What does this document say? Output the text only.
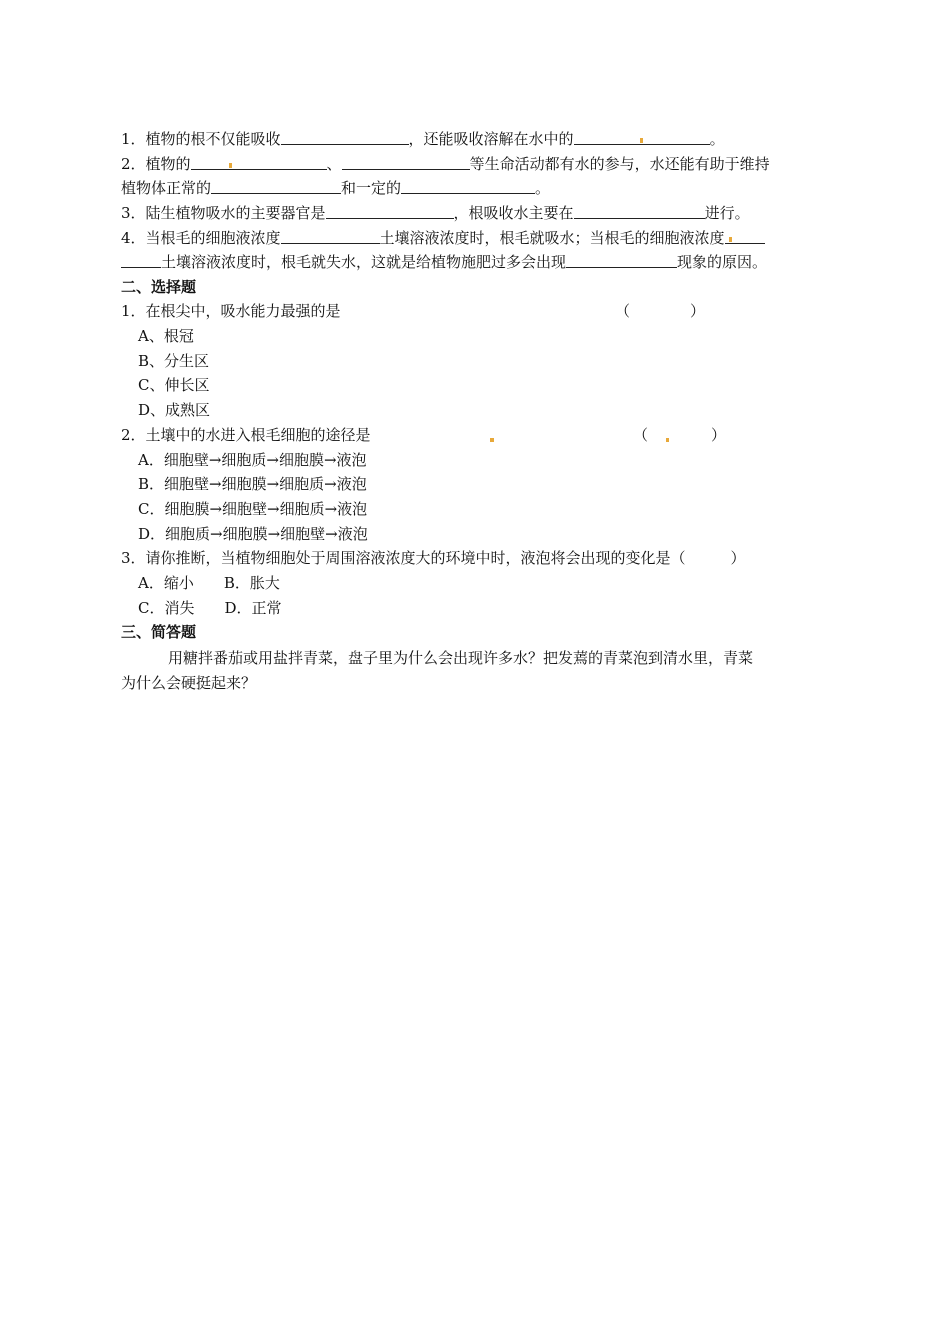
1．植物的根不仅能吸收	，还能吸收溶解在水中的	。
2．植物的	、	等生命活动都有水的参与，水还能有助于维持
植物体正常的	和一定的	。
3．陆生植物吸水的主要器官是	，根吸收水主要在	进行。
4．当根毛的细胞液浓度	土壤溶液浓度时，根毛就吸水；当根毛的细胞液浓度
土壤溶液浓度时，根毛就失水，这就是给植物施肥过多会出现	现象的原因。
二、选择题
1．在根尖中，吸水能力最强的是	（　　　　）
A、根冠
B、分生区
C、伸长区
D、成熟区
2．土壤中的水进入根毛细胞的途径是	（	）
A．细胞壁→细胞质→细胞膜→液泡
B．细胞壁→细胞膜→细胞质→液泡
C．细胞膜→细胞壁→细胞质→液泡
D．细胞质→细胞膜→细胞壁→液泡
3．请你推断，当植物细胞处于周围溶液浓度大的环境中时，液泡将会出现的变化是（　　　）
A．缩小　　B．胀大
C．消失　　D．正常
三、简答题
用糖拌番茄或用盐拌青菜，盘子里为什么会出现许多水？把发蔫的青菜泡到清水里，青菜
为什么会硬挺起来？
